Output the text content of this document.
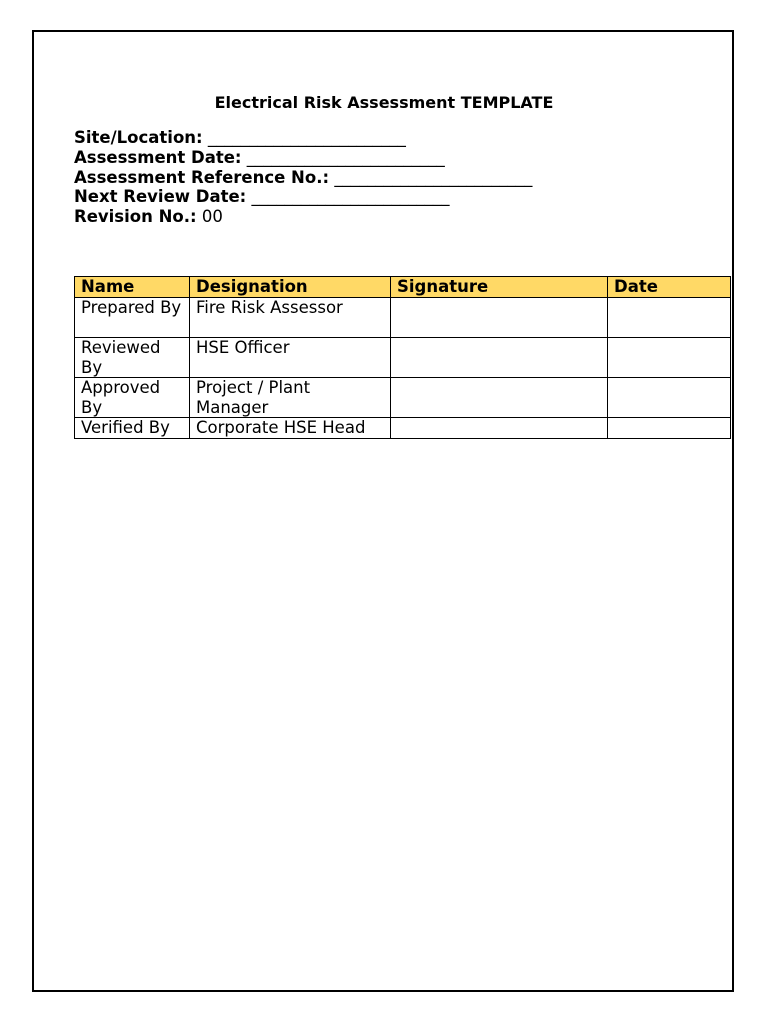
Electrical Risk Assessment TEMPLATE
Site/Location: ________________________
Assessment Date: ________________________
Assessment Reference No.: ________________________
Next Review Date: ________________________
Revision No.: 00
Name	Designation	Signature	Date
Prepared By	Fire Risk Assessor		
Reviewed By	HSE Officer		
Approved By	Project / Plant Manager		
Verified By	Corporate HSE Head		
